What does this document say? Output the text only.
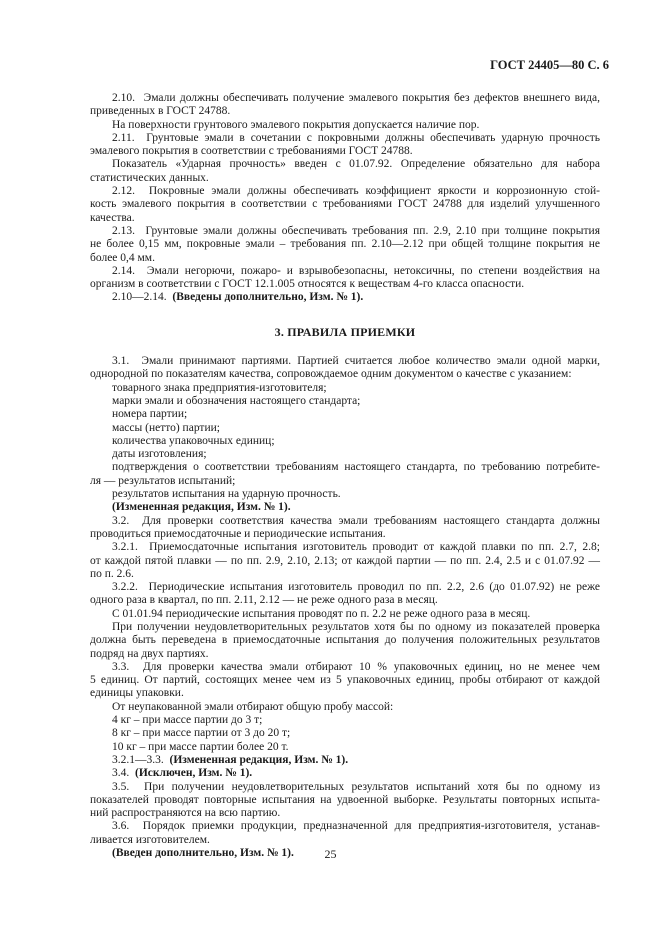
ГОСТ 24405—80 С. 6

2.10.  Эмали должны обеспечивать получение эмалевого покрытия без дефектов внешнего вида,

приведенных в ГОСТ 24788.

На поверхности грунтового эмалевого покрытия допускается наличие пор.

2.11.  Грунтовые эмали в сочетании с покровными должны обеспечивать ударную прочность

эмалевого покрытия в соответствии с требованиями ГОСТ 24788.

Показатель «Ударная прочность» введен с 01.07.92. Определение обязательно для набора

статистических данных.

2.12.  Покровные эмали должны обеспечивать коэффициент яркости и коррозионную стой-

кость эмалевого покрытия в соответствии с требованиями ГОСТ 24788 для изделий улучшенного

качества.

2.13.  Грунтовые эмали должны обеспечивать требования пп. 2.9, 2.10 при толщине покрытия

не более 0,15 мм, покровные эмали – требования пп. 2.10—2.12 при общей толщине покрытия не

более 0,4 мм.

2.14.  Эмали негорючи, пожаро- и взрывобезопасны, нетоксичны, по степени воздействия на

организм в соответствии с ГОСТ 12.1.005 относятся к веществам 4-го класса опасности.

2.10—2.14.  (Введены дополнительно, Изм. № 1).

3. ПРАВИЛА ПРИЕМКИ

3.1.  Эмали принимают партиями. Партией считается любое количество эмали одной марки,

однородной по показателям качества, сопровождаемое одним документом о качестве с указанием:

товарного знака предприятия-изготовителя;

марки эмали и обозначения настоящего стандарта;

номера партии;

массы (нетто) партии;

количества упаковочных единиц;

даты изготовления;

подтверждения о соответствии требованиям настоящего стандарта, по требованию потребите-

ля — результатов испытаний;

результатов испытания на ударную прочность.

(Измененная редакция, Изм. № 1).

3.2.  Для проверки соответствия качества эмали требованиям настоящего стандарта должны

проводиться приемосдаточные и периодические испытания.

3.2.1.  Приемосдаточные испытания изготовитель проводит от каждой плавки по пп. 2.7, 2.8;

от каждой пятой плавки — по пп. 2.9, 2.10, 2.13; от каждой партии — по пп. 2.4, 2.5 и с 01.07.92 —

по п. 2.6.

3.2.2.  Периодические испытания изготовитель проводил по пп. 2.2, 2.6 (до 01.07.92) не реже

одного раза в квартал, по пп. 2.11, 2.12 — не реже одного раза в месяц.

С 01.01.94 периодические испытания проводят по п. 2.2 не реже одного раза в месяц.

При получении неудовлетворительных результатов хотя бы по одному из показателей проверка

должна быть переведена в приемосдаточные испытания до получения положительных результатов

подряд на двух партиях.

3.3.  Для проверки качества эмали отбирают 10 % упаковочных единиц, но не менее чем

5 единиц. От партий, состоящих менее чем из 5 упаковочных единиц, пробы отбирают от каждой

единицы упаковки.

От неупакованной эмали отбирают общую пробу массой:

4 кг – при массе партии до 3 т;

8 кг – при массе партии от 3 до 20 т;

10 кг – при массе партии более 20 т.

3.2.1—3.3.  (Измененная редакция, Изм. № 1).

3.4.  (Исключен, Изм. № 1).

3.5.  При получении неудовлетворительных результатов испытаний хотя бы по одному из

показателей проводят повторные испытания на удвоенной выборке. Результаты повторных испыта-

ний распространяются на всю партию.

3.6.  Порядок приемки продукции, предназначенной для предприятия-изготовителя, устанав-

ливается изготовителем.

(Введен дополнительно, Изм. № 1).	25
